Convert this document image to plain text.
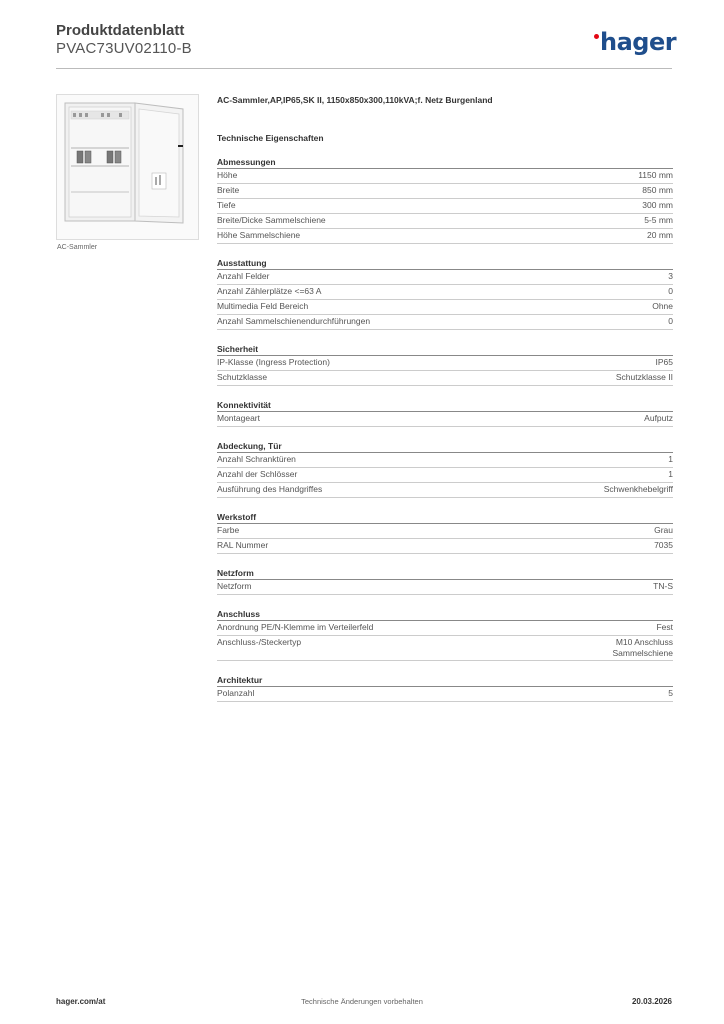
Produktdatenblatt
PVAC73UV02110-B	hager
AC-Sammler
AC-Sammler,AP,IP65,SK II, 1150x850x300,110kVA;f. Netz Burgenland
Technische Eigenschaften
Abmessungen
Höhe	1150 mm
Breite	850 mm
Tiefe	300 mm
Breite/Dicke Sammelschiene	5-5 mm
Höhe Sammelschiene	20 mm
Ausstattung
Anzahl Felder	3
Anzahl Zählerplätze <=63 A	0
Multimedia Feld Bereich	Ohne
Anzahl Sammelschienendurchführungen	0
Sicherheit
IP-Klasse (Ingress Protection)	IP65
Schutzklasse	Schutzklasse II
Konnektivität
Montageart	Aufputz
Abdeckung, Tür
Anzahl Schranktüren	1
Anzahl der Schlösser	1
Ausführung des Handgriffes	Schwenkhebelgriff
Werkstoff
Farbe	Grau
RAL Nummer	7035
Netzform
Netzform	TN-S
Anschluss
Anordnung PE/N-Klemme im Verteilerfeld	Fest
Anschluss-/Steckertyp	M10 Anschluss Sammelschiene
Architektur
Polanzahl	5
hager.com/at	Technische Änderungen vorbehalten	20.03.2026
